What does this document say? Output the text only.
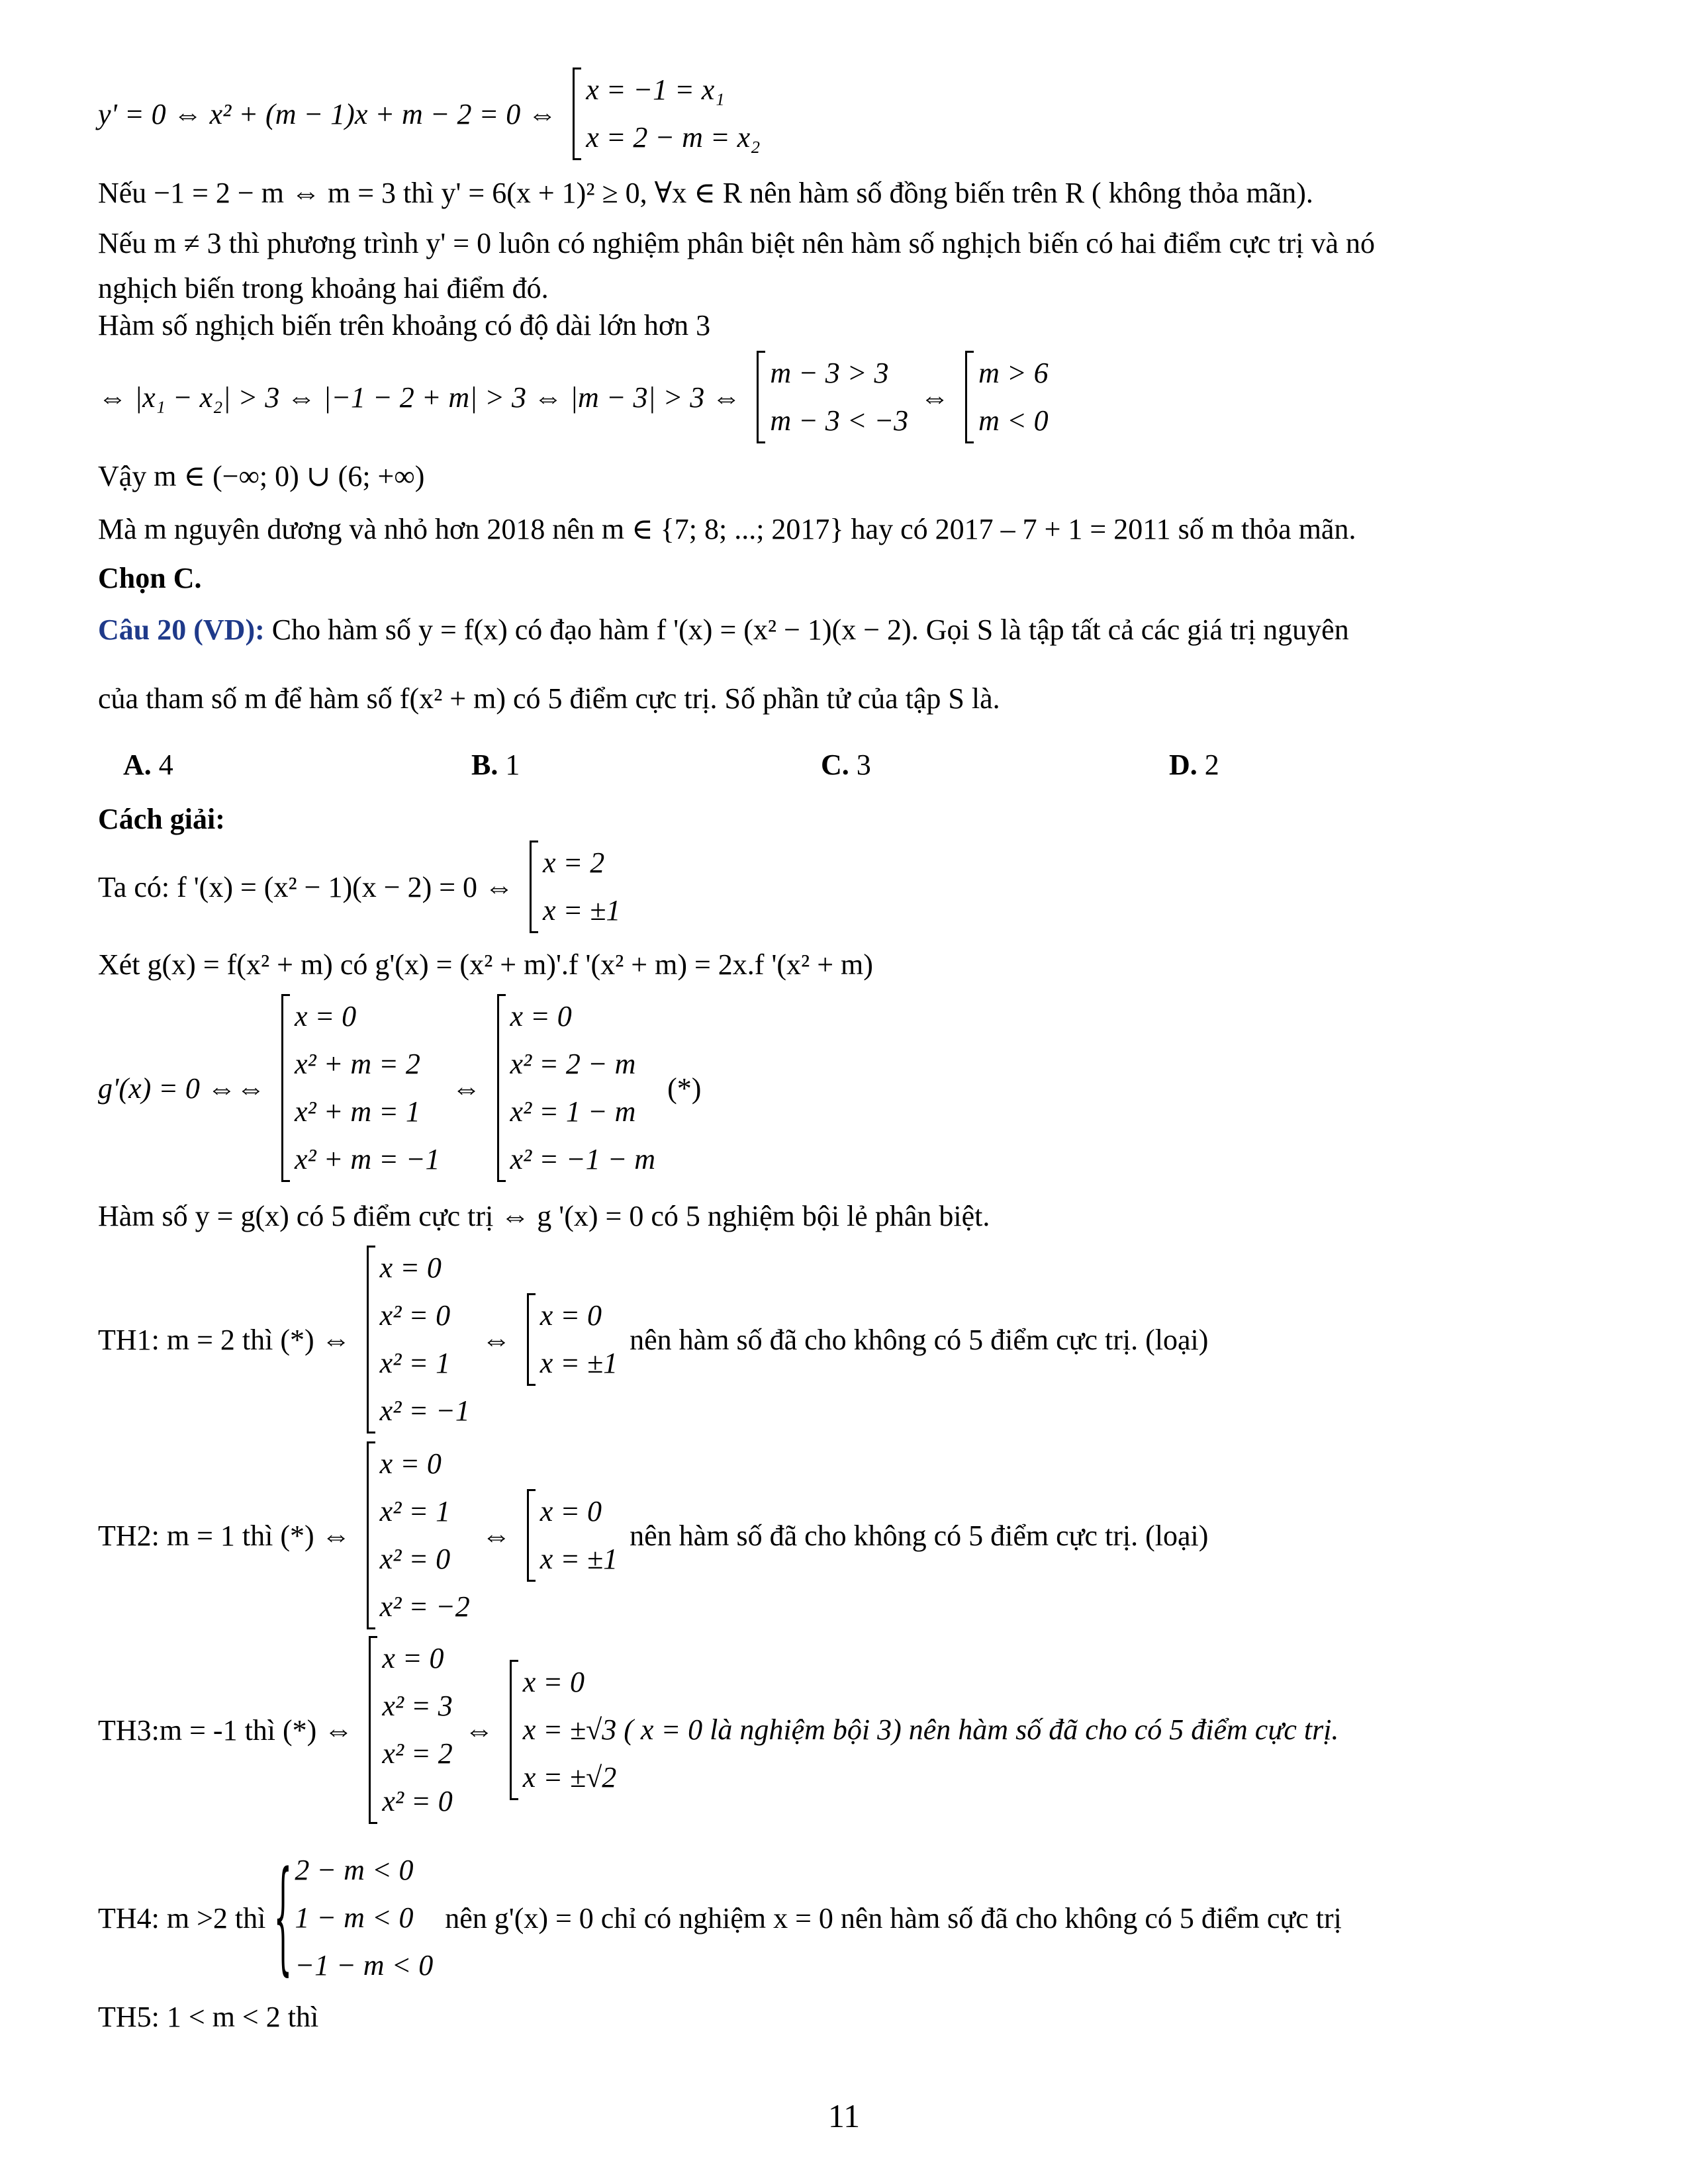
y' = 0 ⇔ x² + (m − 1)x + m − 2 = 0 ⇔
x = −1 = x₁
x = 2 − m = x₂
Nếu −1 = 2 − m ⇔ m = 3 thì y' = 6(x + 1)² ≥ 0, ∀x ∈ R nên hàm số đồng biến trên R ( không thỏa mãn).
Nếu m ≠ 3 thì phương trình y' = 0 luôn có nghiệm phân biệt nên hàm số nghịch biến có hai điểm cực trị và nó
nghịch biến trong khoảng hai điểm đó.
Hàm số nghịch biến trên khoảng có độ dài lớn hơn 3
⇔ |x₁ − x₂| > 3 ⇔ |−1 − 2 + m| > 3 ⇔ |m − 3| > 3 ⇔
m − 3 > 3
m − 3 < −3
⇔
m > 6
m < 0
Vậy m ∈ (−∞; 0) ∪ (6; +∞)
Mà m nguyên dương và nhỏ hơn 2018 nên m ∈ {7; 8; ...; 2017} hay có 2017 – 7 + 1 = 2011 số m thỏa mãn.
Chọn C.
Câu 20 (VD): Cho hàm số y = f(x) có đạo hàm f '(x) = (x² − 1)(x − 2). Gọi S là tập tất cả các giá trị nguyên
của tham số m để hàm số f(x² + m) có 5 điểm cực trị. Số phần tử của tập S là.
A. 4	B. 1	C. 3	D. 2
Cách giải:
Ta có: f '(x) = (x² − 1)(x − 2) = 0 ⇔
x = 2
x = ±1
Xét g(x) = f(x² + m) có g'(x) = (x² + m)'.f '(x² + m) = 2x.f '(x² + m)
g'(x) = 0 ⇔⇔
x = 0
x² + m = 2
x² + m = 1
x² + m = −1
⇔
x = 0
x² = 2 − m
x² = 1 − m
x² = −1 − m
(*)
Hàm số y = g(x) có 5 điểm cực trị ⇔ g '(x) = 0 có 5 nghiệm bội lẻ phân biệt.
TH1: m = 2 thì (*) ⇔
x = 0
x² = 0
x² = 1
x² = −1
⇔
x = 0
x = ±1
nên hàm số đã cho không có 5 điểm cực trị. (loại)
TH2: m = 1 thì (*) ⇔
x = 0
x² = 1
x² = 0
x² = −2
⇔
x = 0
x = ±1
nên hàm số đã cho không có 5 điểm cực trị. (loại)
TH3:m = -1 thì (*) ⇔
x = 0
x² = 3
x² = 2
x² = 0
⇔
x = 0
x = ±√3 ( x = 0 là nghiệm bội 3) nên hàm số đã cho có 5 điểm cực trị.
x = ±√2
TH4: m >2 thì
{ 2 − m < 0
1 − m < 0
−1 − m < 0
nên g'(x) = 0 chỉ có nghiệm x = 0 nên hàm số đã cho không có 5 điểm cực trị
TH5: 1 < m < 2 thì
11
